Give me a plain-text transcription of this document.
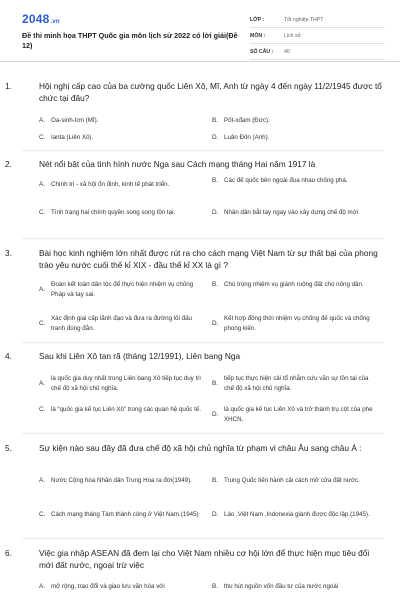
2048.vn
Đề thi minh họa THPT Quốc gia môn lịch sử 2022 có lời giải(Đề 12)
LỚP :	Tốt nghiệp THPT
MÔN :	Lịch sử
SỐ CÂU :	40
1.	Hội nghị cấp cao của ba cường quốc Liên Xô, Mĩ, Anh từ ngày 4 đến ngày 11/2/1945 được tổ chức tại đâu?
A. Oa-sinh-tơn (Mĩ).	B. Pốt-xđam (Đức).
C. Ianta (Liên Xô).	D. Luân Đôn (Anh).
2.	Nét nổi bật của tình hình nước Nga sau Cách mạng tháng Hai năm 1917 là
A. Chính trị - xã hội ổn định, kinh tế phát triển.
B. Các đế quốc bên ngoài đua nhau chống phá.
C. Tình trạng hai chính quyền song song tồn tại.	D. Nhân dân bắt tay ngay vào xây dựng chế độ mới
3.	Bài học kinh nghiệm lớn nhất được rút ra cho cách mạng Việt Nam từ sự thất bại của phong trào yêu nước cuối thế kỉ XIX - đầu thế kỉ XX là gì ?
A.
Đoàn kết toàn dân tộc để thực hiện nhiệm vụ chống Pháp và tay sai.
B. Chú trọng nhiệm vụ giành ruộng đất cho nông dân.
C.
Xác định giai cấp lãnh đạo và đưa ra đường lối đấu tranh đúng đắn.
D.
Kết hợp đồng thời nhiệm vụ chống đế quốc và chống phong kiến.
4.	Sau khi Liên Xô tan rã (tháng 12/1991), Liên bang Nga
A.
là quốc gia duy nhất trong Liên bang Xô tiếp tục duy trì chế độ xã hội chủ nghĩa.
B.
tiếp tục thực hiện cải tổ nhằm cứu vãn sự tồn tại của chế độ xã hội chủ nghĩa.
C. là “quốc gia kế tục Liên Xô” trong các quan hệ quốc tế.
D.
là quốc gia kế tục Liên Xô và trở thành trụ cột của phe XHCN.
5.	Sự kiện nào sau đây đã đưa chế độ xã hội chủ nghĩa từ phạm vi châu Âu sang châu Á :
A. Nước Cộng hòa Nhân dân Trung Hoa ra đời(1949).	B. Trung Quốc tiến hành cải cách mở cửa đất nước.
C. Cách mạng tháng Tám thành công ở Việt Nam.(1945)	D. Lào ,Việt Nam ,Indonexia giành được độc lập.(1945).
6.	Việc gia nhập ASEAN đã đem lại cho Việt Nam nhiều cơ hội lớn để thực hiện mục tiêu đổi mới đất nước, ngoại trừ việc
A. mở rộng, trao đổi và giao lưu văn hóa với	B. thu hút nguồn vốn đầu tư của nước ngoài
